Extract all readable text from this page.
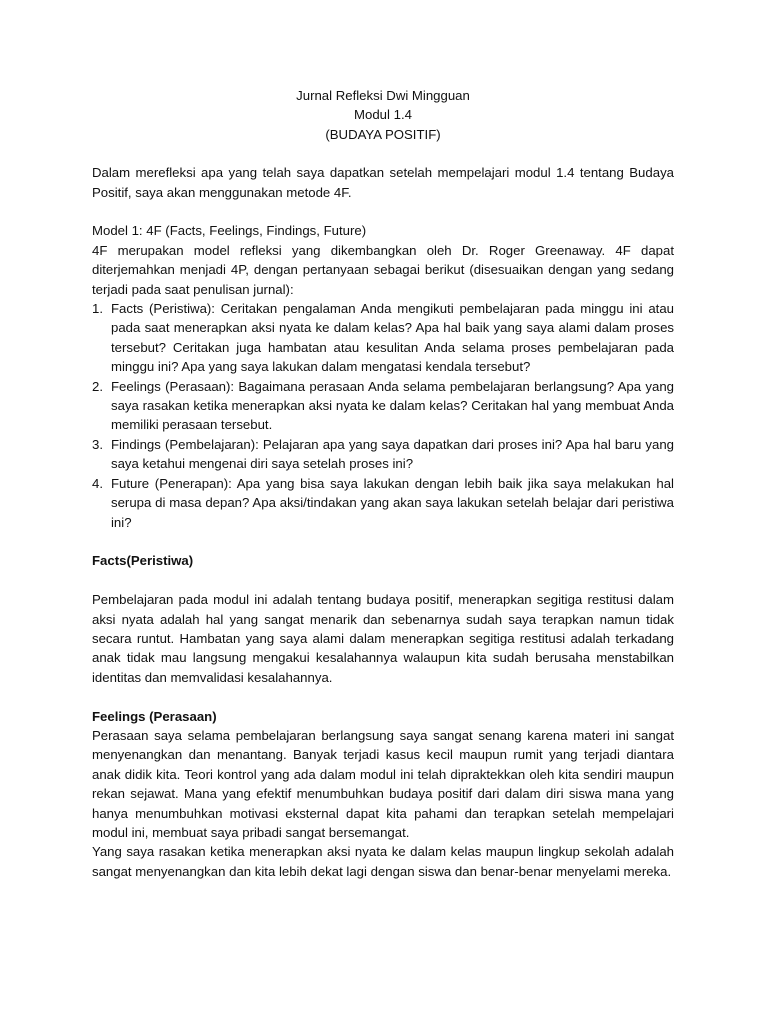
Jurnal Refleksi Dwi Mingguan
Modul 1.4
(BUDAYA POSITIF)

Dalam merefleksi apa yang telah saya dapatkan setelah mempelajari modul 1.4 tentang Budaya Positif, saya akan menggunakan metode 4F.

Model 1: 4F (Facts, Feelings, Findings, Future)

4F merupakan model refleksi yang dikembangkan oleh Dr. Roger Greenaway. 4F dapat diterjemahkan menjadi 4P, dengan pertanyaan sebagai berikut (disesuaikan dengan yang sedang terjadi pada saat penulisan jurnal):

1. Facts (Peristiwa): Ceritakan pengalaman Anda mengikuti pembelajaran pada minggu ini atau pada saat menerapkan aksi nyata ke dalam kelas? Apa hal baik yang saya alami dalam proses tersebut? Ceritakan juga hambatan atau kesulitan Anda selama proses pembelajaran pada minggu ini? Apa yang saya lakukan dalam mengatasi kendala tersebut?
2. Feelings (Perasaan): Bagaimana perasaan Anda selama pembelajaran berlangsung? Apa yang saya rasakan ketika menerapkan aksi nyata ke dalam kelas? Ceritakan hal yang membuat Anda memiliki perasaan tersebut.
3. Findings (Pembelajaran): Pelajaran apa yang saya dapatkan dari proses ini? Apa hal baru yang saya ketahui mengenai diri saya setelah proses ini?
4. Future (Penerapan): Apa yang bisa saya lakukan dengan lebih baik jika saya melakukan hal serupa di masa depan? Apa aksi/tindakan yang akan saya lakukan setelah belajar dari peristiwa ini?

Facts(Peristiwa)

Pembelajaran pada modul ini adalah tentang budaya positif, menerapkan segitiga restitusi dalam aksi nyata adalah hal yang sangat menarik dan sebenarnya sudah saya terapkan namun tidak secara runtut. Hambatan yang saya alami dalam menerapkan segitiga restitusi adalah terkadang anak tidak mau langsung mengakui kesalahannya walaupun kita sudah berusaha menstabilkan identitas dan memvalidasi kesalahannya.

Feelings (Perasaan)

Perasaan saya selama pembelajaran berlangsung saya sangat senang karena materi ini sangat menyenangkan dan menantang. Banyak terjadi kasus kecil maupun rumit yang terjadi diantara anak didik kita. Teori kontrol yang ada dalam modul ini telah dipraktekkan oleh kita sendiri maupun rekan sejawat. Mana yang efektif menumbuhkan budaya positif dari dalam diri siswa mana yang hanya menumbuhkan motivasi eksternal dapat kita pahami dan terapkan setelah mempelajari modul ini, membuat saya pribadi sangat bersemangat.

Yang saya rasakan ketika menerapkan aksi nyata ke dalam kelas maupun lingkup sekolah adalah sangat menyenangkan dan kita lebih dekat lagi dengan siswa dan benar-benar menyelami mereka.
